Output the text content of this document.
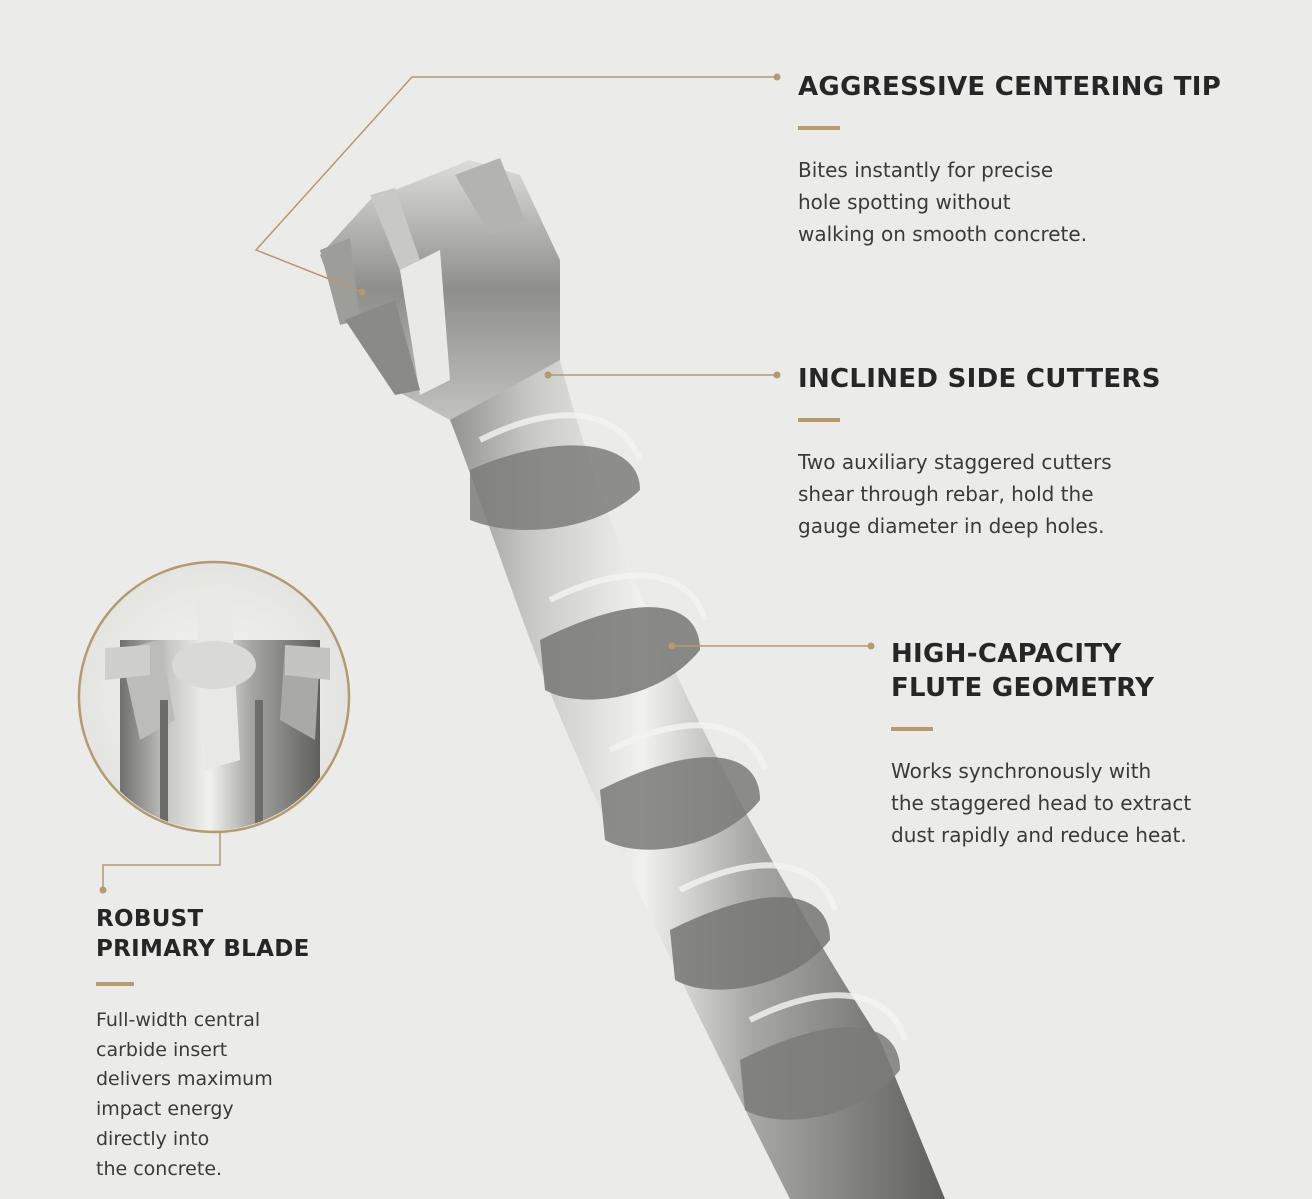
AGGRESSIVE CENTERING TIP

Bites instantly for precise
hole spotting without
walking on smooth concrete.

INCLINED SIDE CUTTERS

Two auxiliary staggered cutters
shear through rebar, hold the
gauge diameter in deep holes.

HIGH-CAPACITY
FLUTE GEOMETRY

Works synchronously with
the staggered head to extract
dust rapidly and reduce heat.

ROBUST
PRIMARY BLADE

Full-width central
carbide insert
delivers maximum
impact energy
directly into
the concrete.
